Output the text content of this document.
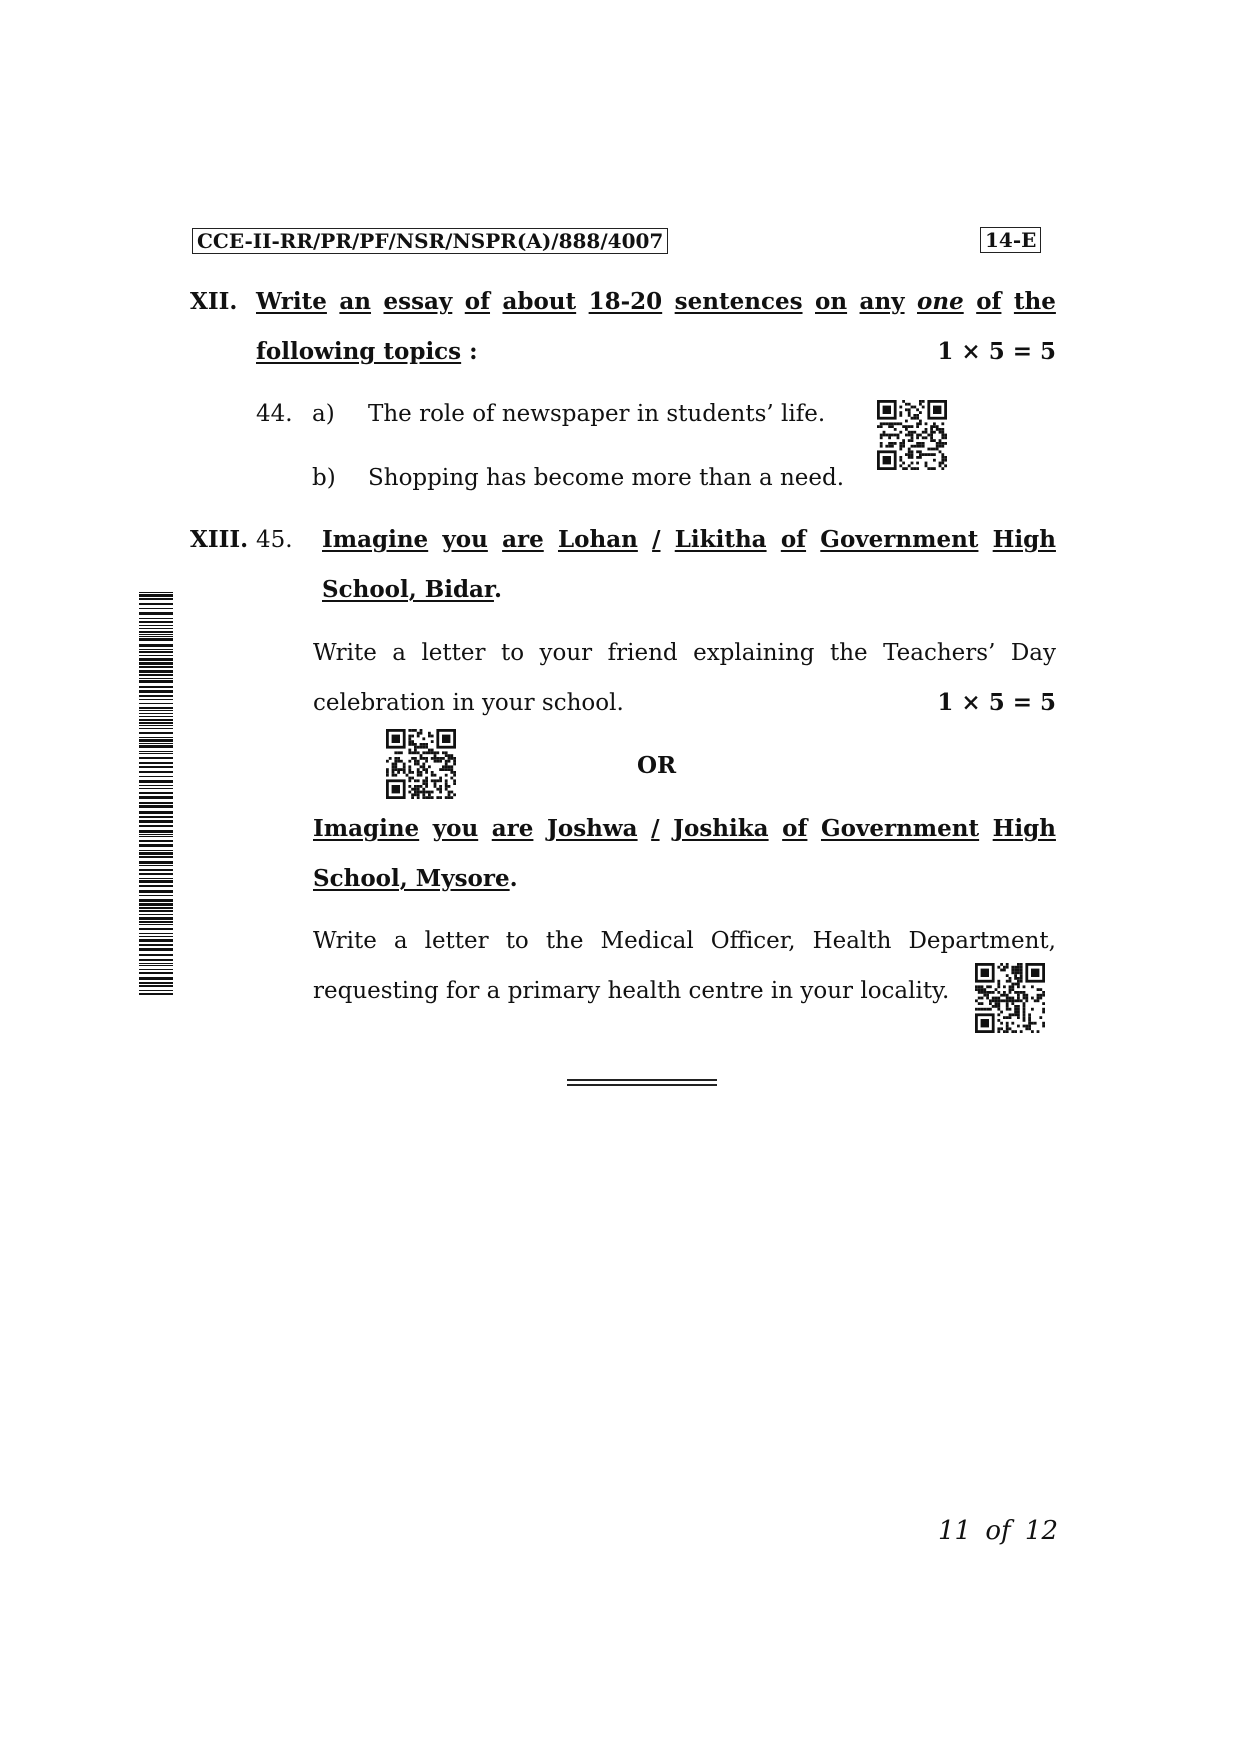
CCE-II-RR/PR/PF/NSR/NSPR(A)/888/4007	14-E
XII. Write an essay of about 18-20 sentences on any one of the
following topics :	1 × 5 = 5
44. a) The role of newspaper in students’ life.
b) Shopping has become more than a need.
XIII. 45. Imagine you are Lohan / Likitha of Government High
School, Bidar.
Write a letter to your friend explaining the Teachers’ Day
celebration in your school.	1 × 5 = 5
OR
Imagine you are Joshwa / Joshika of Government High
School, Mysore.
Write a letter to the Medical Officer, Health Department,
requesting for a primary health centre in your locality.
11 of 12
